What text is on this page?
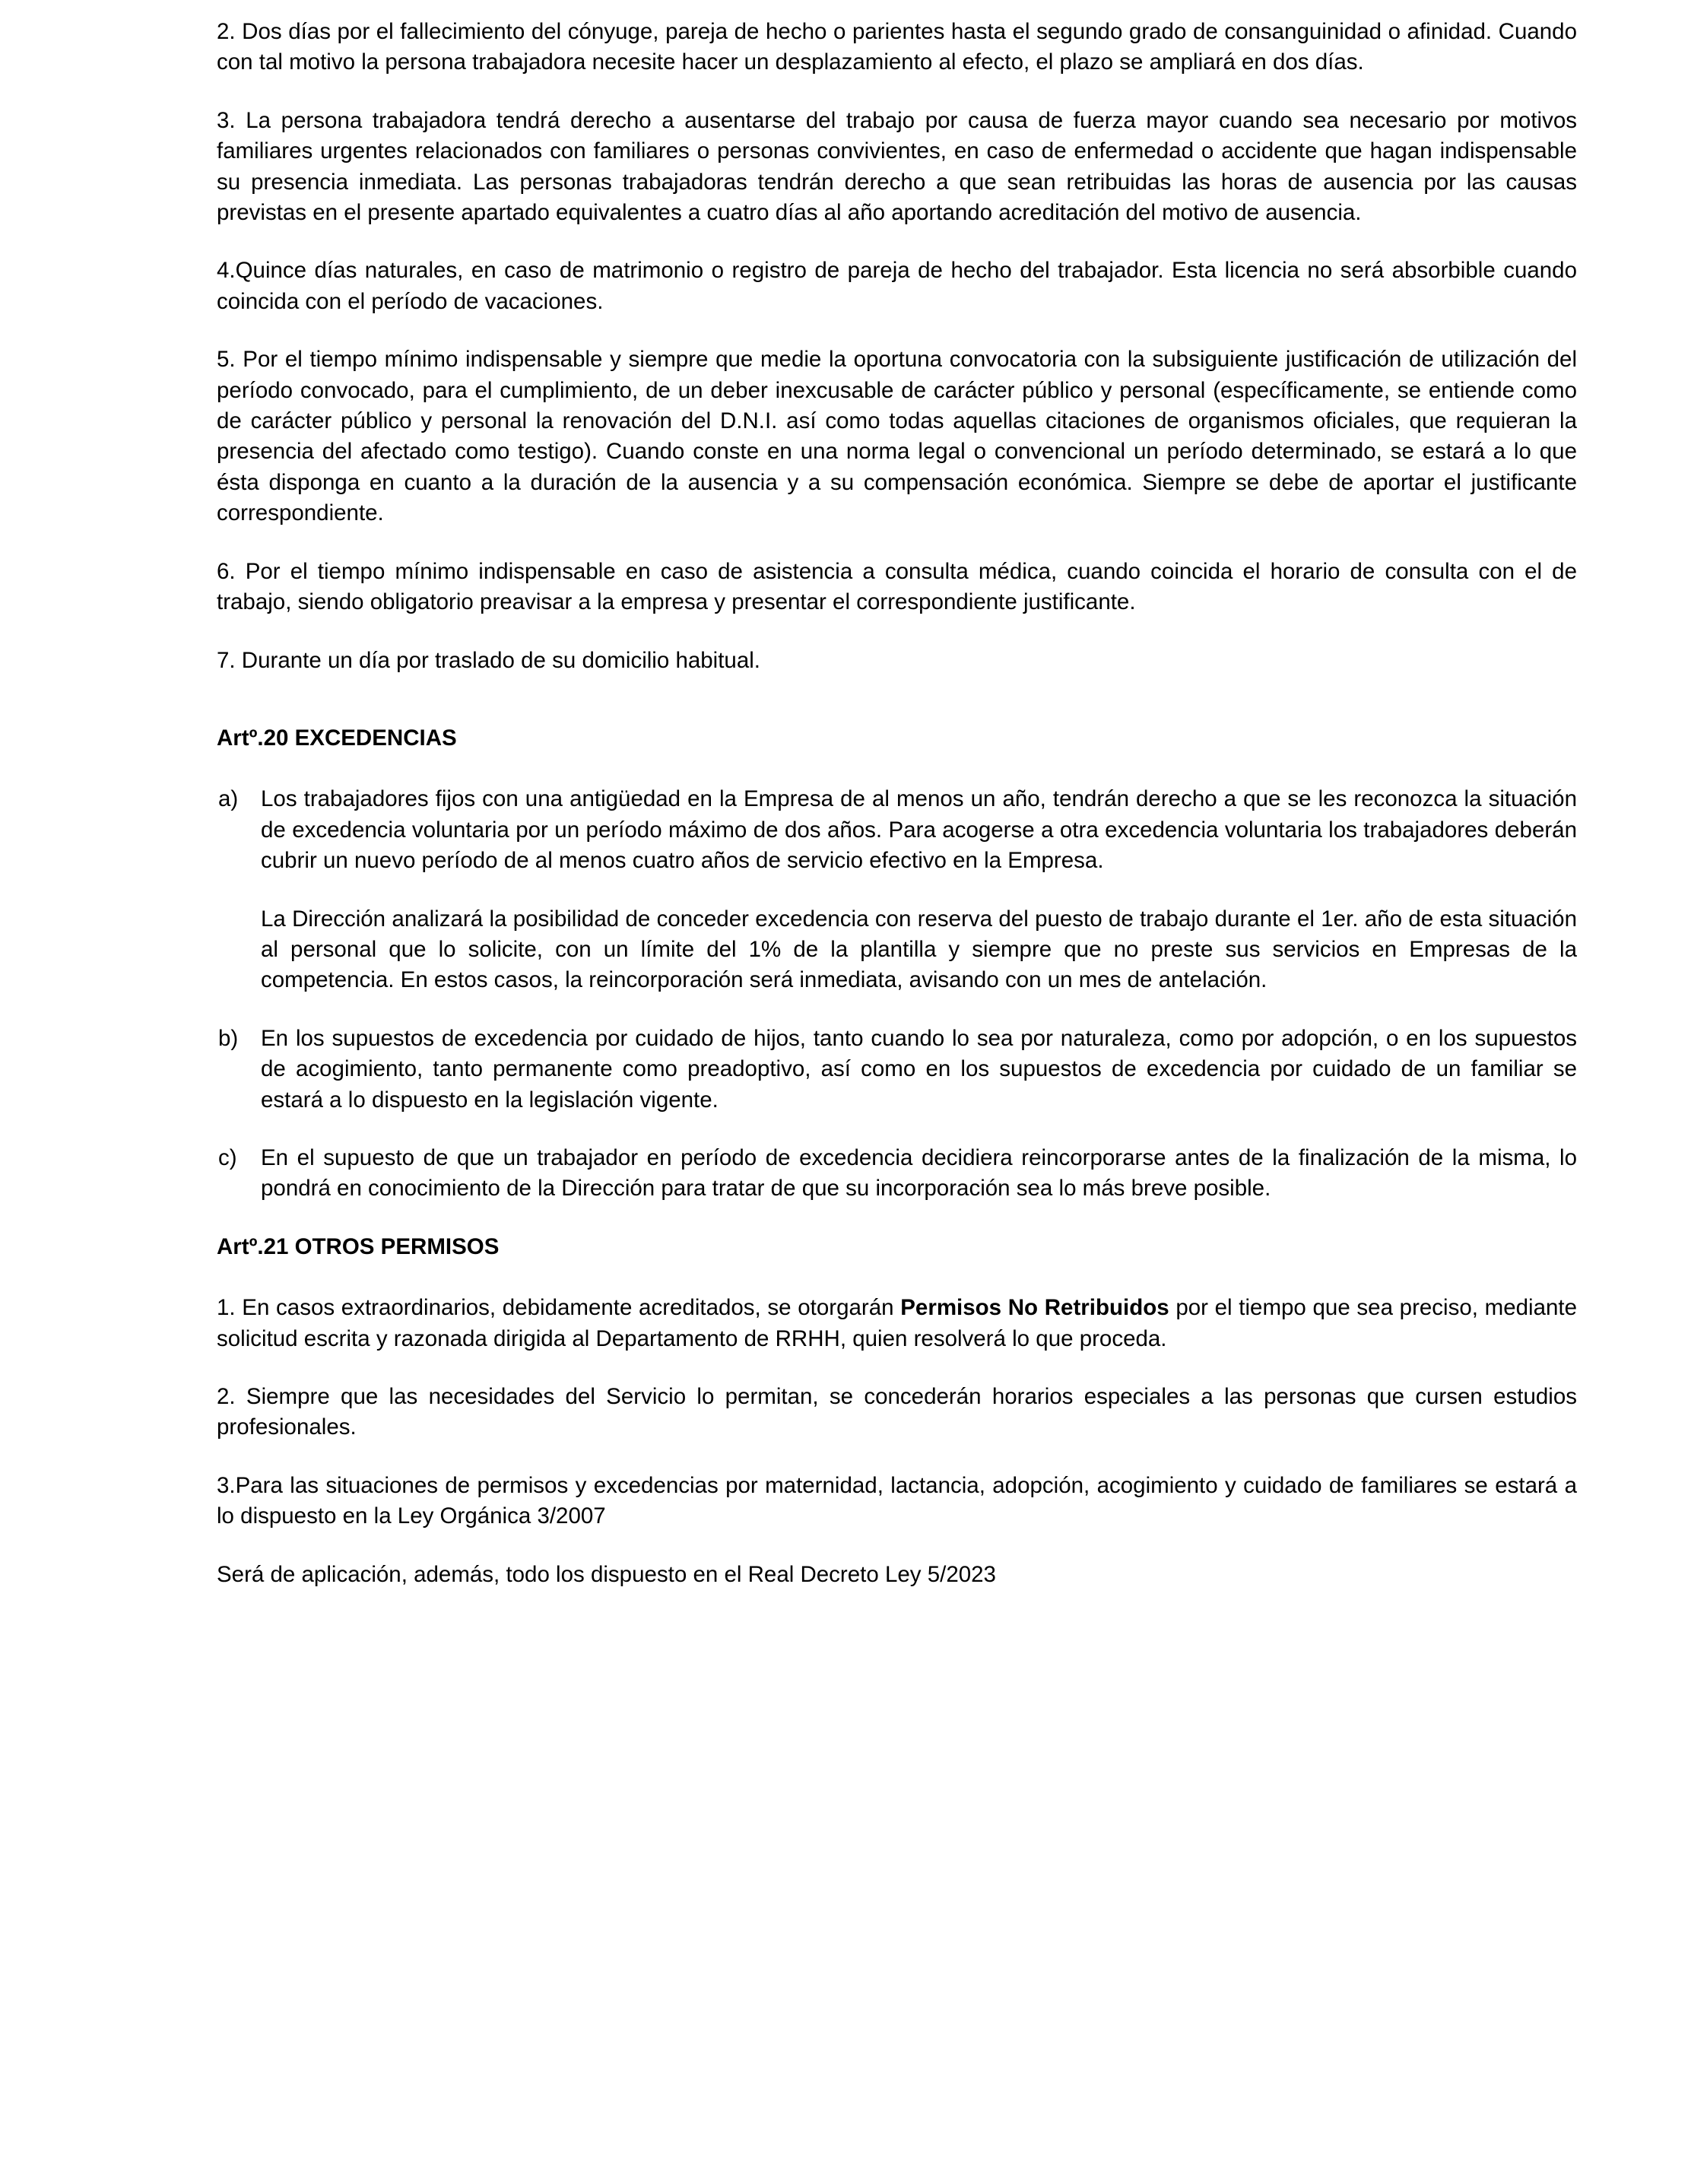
2. Dos días por el fallecimiento del cónyuge, pareja de hecho o parientes hasta el segundo grado de consanguinidad o afinidad. Cuando con tal motivo la persona trabajadora necesite hacer un desplazamiento al efecto, el plazo se ampliará en dos días.

3. La persona trabajadora tendrá derecho a ausentarse del trabajo por causa de fuerza mayor cuando sea necesario por motivos familiares urgentes relacionados con familiares o personas convivientes, en caso de enfermedad o accidente que hagan indispensable su presencia inmediata. Las personas trabajadoras tendrán derecho a que sean retribuidas las horas de ausencia por las causas previstas en el presente apartado equivalentes a cuatro días al año aportando acreditación del motivo de ausencia.

4.Quince días naturales, en caso de matrimonio o registro de pareja de hecho del trabajador. Esta licencia no será absorbible cuando coincida con el período de vacaciones.

5. Por el tiempo mínimo indispensable y siempre que medie la oportuna convocatoria con la subsiguiente justificación de utilización del período convocado, para el cumplimiento, de un deber inexcusable de carácter público y personal (específicamente, se entiende como de carácter público y personal la renovación del D.N.I. así como todas aquellas citaciones de organismos oficiales, que requieran la presencia del afectado como testigo). Cuando conste en una norma legal o convencional un período determinado, se estará a lo que ésta disponga en cuanto a la duración de la ausencia y a su compensación económica. Siempre se debe de aportar el justificante correspondiente.

6. Por el tiempo mínimo indispensable en caso de asistencia a consulta médica, cuando coincida el horario de consulta con el de trabajo, siendo obligatorio preavisar a la empresa y presentar el correspondiente justificante.

7. Durante un día por traslado de su domicilio habitual.

Artº.20 EXCEDENCIAS
a)	Los trabajadores fijos con una antigüedad en la Empresa de al menos un año, tendrán derecho a que se les reconozca la situación de excedencia voluntaria por un período máximo de dos años. Para acogerse a otra excedencia voluntaria los trabajadores deberán cubrir un nuevo período de al menos cuatro años de servicio efectivo en la Empresa.
La Dirección analizará la posibilidad de conceder excedencia con reserva del puesto de trabajo durante el 1er. año de esta situación al personal que lo solicite, con un límite del 1% de la plantilla y siempre que no preste sus servicios en Empresas de la competencia. En estos casos, la reincorporación será inmediata, avisando con un mes de antelación.
b)	En los supuestos de excedencia por cuidado de hijos, tanto cuando lo sea por naturaleza, como por adopción, o en los supuestos de acogimiento, tanto permanente como preadoptivo, así como en los supuestos de excedencia por cuidado de un familiar se estará a lo dispuesto en la legislación vigente.
c)	En el supuesto de que un trabajador en período de excedencia decidiera reincorporarse antes de la finalización de la misma, lo pondrá en conocimiento de la Dirección para tratar de que su incorporación sea lo más breve posible.
Artº.21 OTROS PERMISOS

1. En casos extraordinarios, debidamente acreditados, se otorgarán Permisos No Retribuidos por el tiempo que sea preciso, mediante solicitud escrita y razonada dirigida al Departamento de RRHH, quien resolverá lo que proceda.

2. Siempre que las necesidades del Servicio lo permitan, se concederán horarios especiales a las personas que cursen estudios profesionales.

3.Para las situaciones de permisos y excedencias por maternidad, lactancia, adopción, acogimiento y cuidado de familiares se estará a lo dispuesto en la Ley Orgánica 3/2007

Será de aplicación, además, todo los dispuesto en el Real Decreto Ley 5/2023
